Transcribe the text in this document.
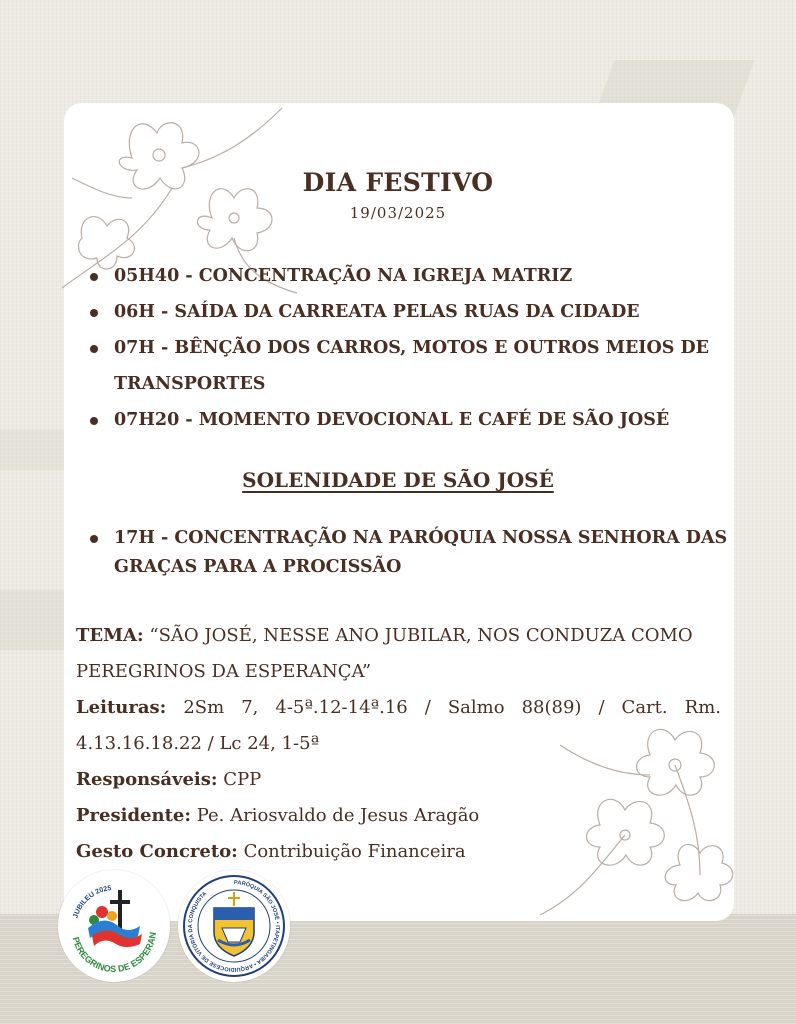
DIA FESTIVO
19/03/2025
05H40 - CONCENTRAÇÃO NA IGREJA MATRIZ
06H - SAÍDA DA CARREATA PELAS RUAS DA CIDADE
07H - BÊNÇÃO DOS CARROS, MOTOS E OUTROS MEIOS DE TRANSPORTES
07H20 - MOMENTO DEVOCIONAL E CAFÉ DE SÃO JOSÉ
SOLENIDADE DE SÃO JOSÉ
17H - CONCENTRAÇÃO NA PARÓQUIA NOSSA SENHORA DAS GRAÇAS PARA A PROCISSÃO
TEMA: “SÃO JOSÉ, NESSE ANO JUBILAR, NOS CONDUZA COMO PEREGRINOS DA ESPERANÇA”
Leituras: 2Sm 7, 4-5ª.12-14ª.16 / Salmo 88(89) / Cart. Rm. 4.13.16.18.22 / Lc 24, 1-5ª
Responsáveis: CPP
Presidente: Pe. Ariosvaldo de Jesus Aragão
Gesto Concreto: Contribuição Financeira
JUBILEU 2025
PEREGRINOS DE ESPERAN
PARÓQUIA SÃO JOSÉ • ITAPETINGA/BA • ARQUIDIOCESE DE VITÓRIA DA CONQUISTA
